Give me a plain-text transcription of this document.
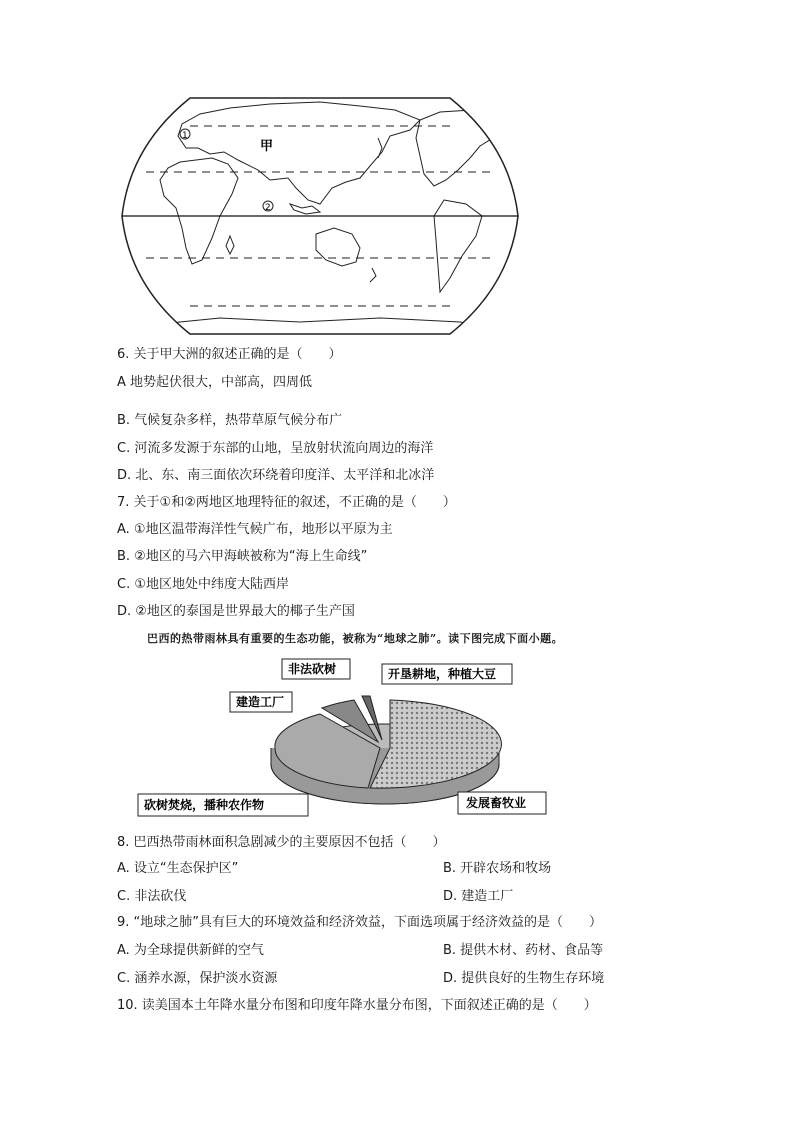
甲
1
2
6. 关于甲大洲的叙述正确的是（　　）
A 地势起伏很大，中部高，四周低
B. 气候复杂多样，热带草原气候分布广
C. 河流多发源于东部的山地，呈放射状流向周边的海洋
D. 北、东、南三面依次环绕着印度洋、太平洋和北冰洋
7. 关于①和②两地区地理特征的叙述，不正确的是（　　）
A. ①地区温带海洋性气候广布，地形以平原为主
B. ②地区的马六甲海峡被称为“海上生命线”
C. ①地区地处中纬度大陆西岸
D. ②地区的泰国是世界最大的椰子生产国
巴西的热带雨林具有重要的生态功能，被称为“地球之肺”。读下图完成下面小题。
非法砍树	开垦耕地，种植大豆
建造工厂
砍树焚烧，播种农作物	发展畜牧业
8. 巴西热带雨林面积急剧减少的主要原因不包括（　　）
A. 设立“生态保护区”	B. 开辟农场和牧场
C. 非法砍伐	D. 建造工厂
9. “地球之肺”具有巨大的环境效益和经济效益，下面选项属于经济效益的是（　　）
A. 为全球提供新鲜的空气	B. 提供木材、药材、食品等
C. 涵养水源，保护淡水资源	D. 提供良好的生物生存环境
10. 读美国本土年降水量分布图和印度年降水量分布图，下面叙述正确的是（　　）
